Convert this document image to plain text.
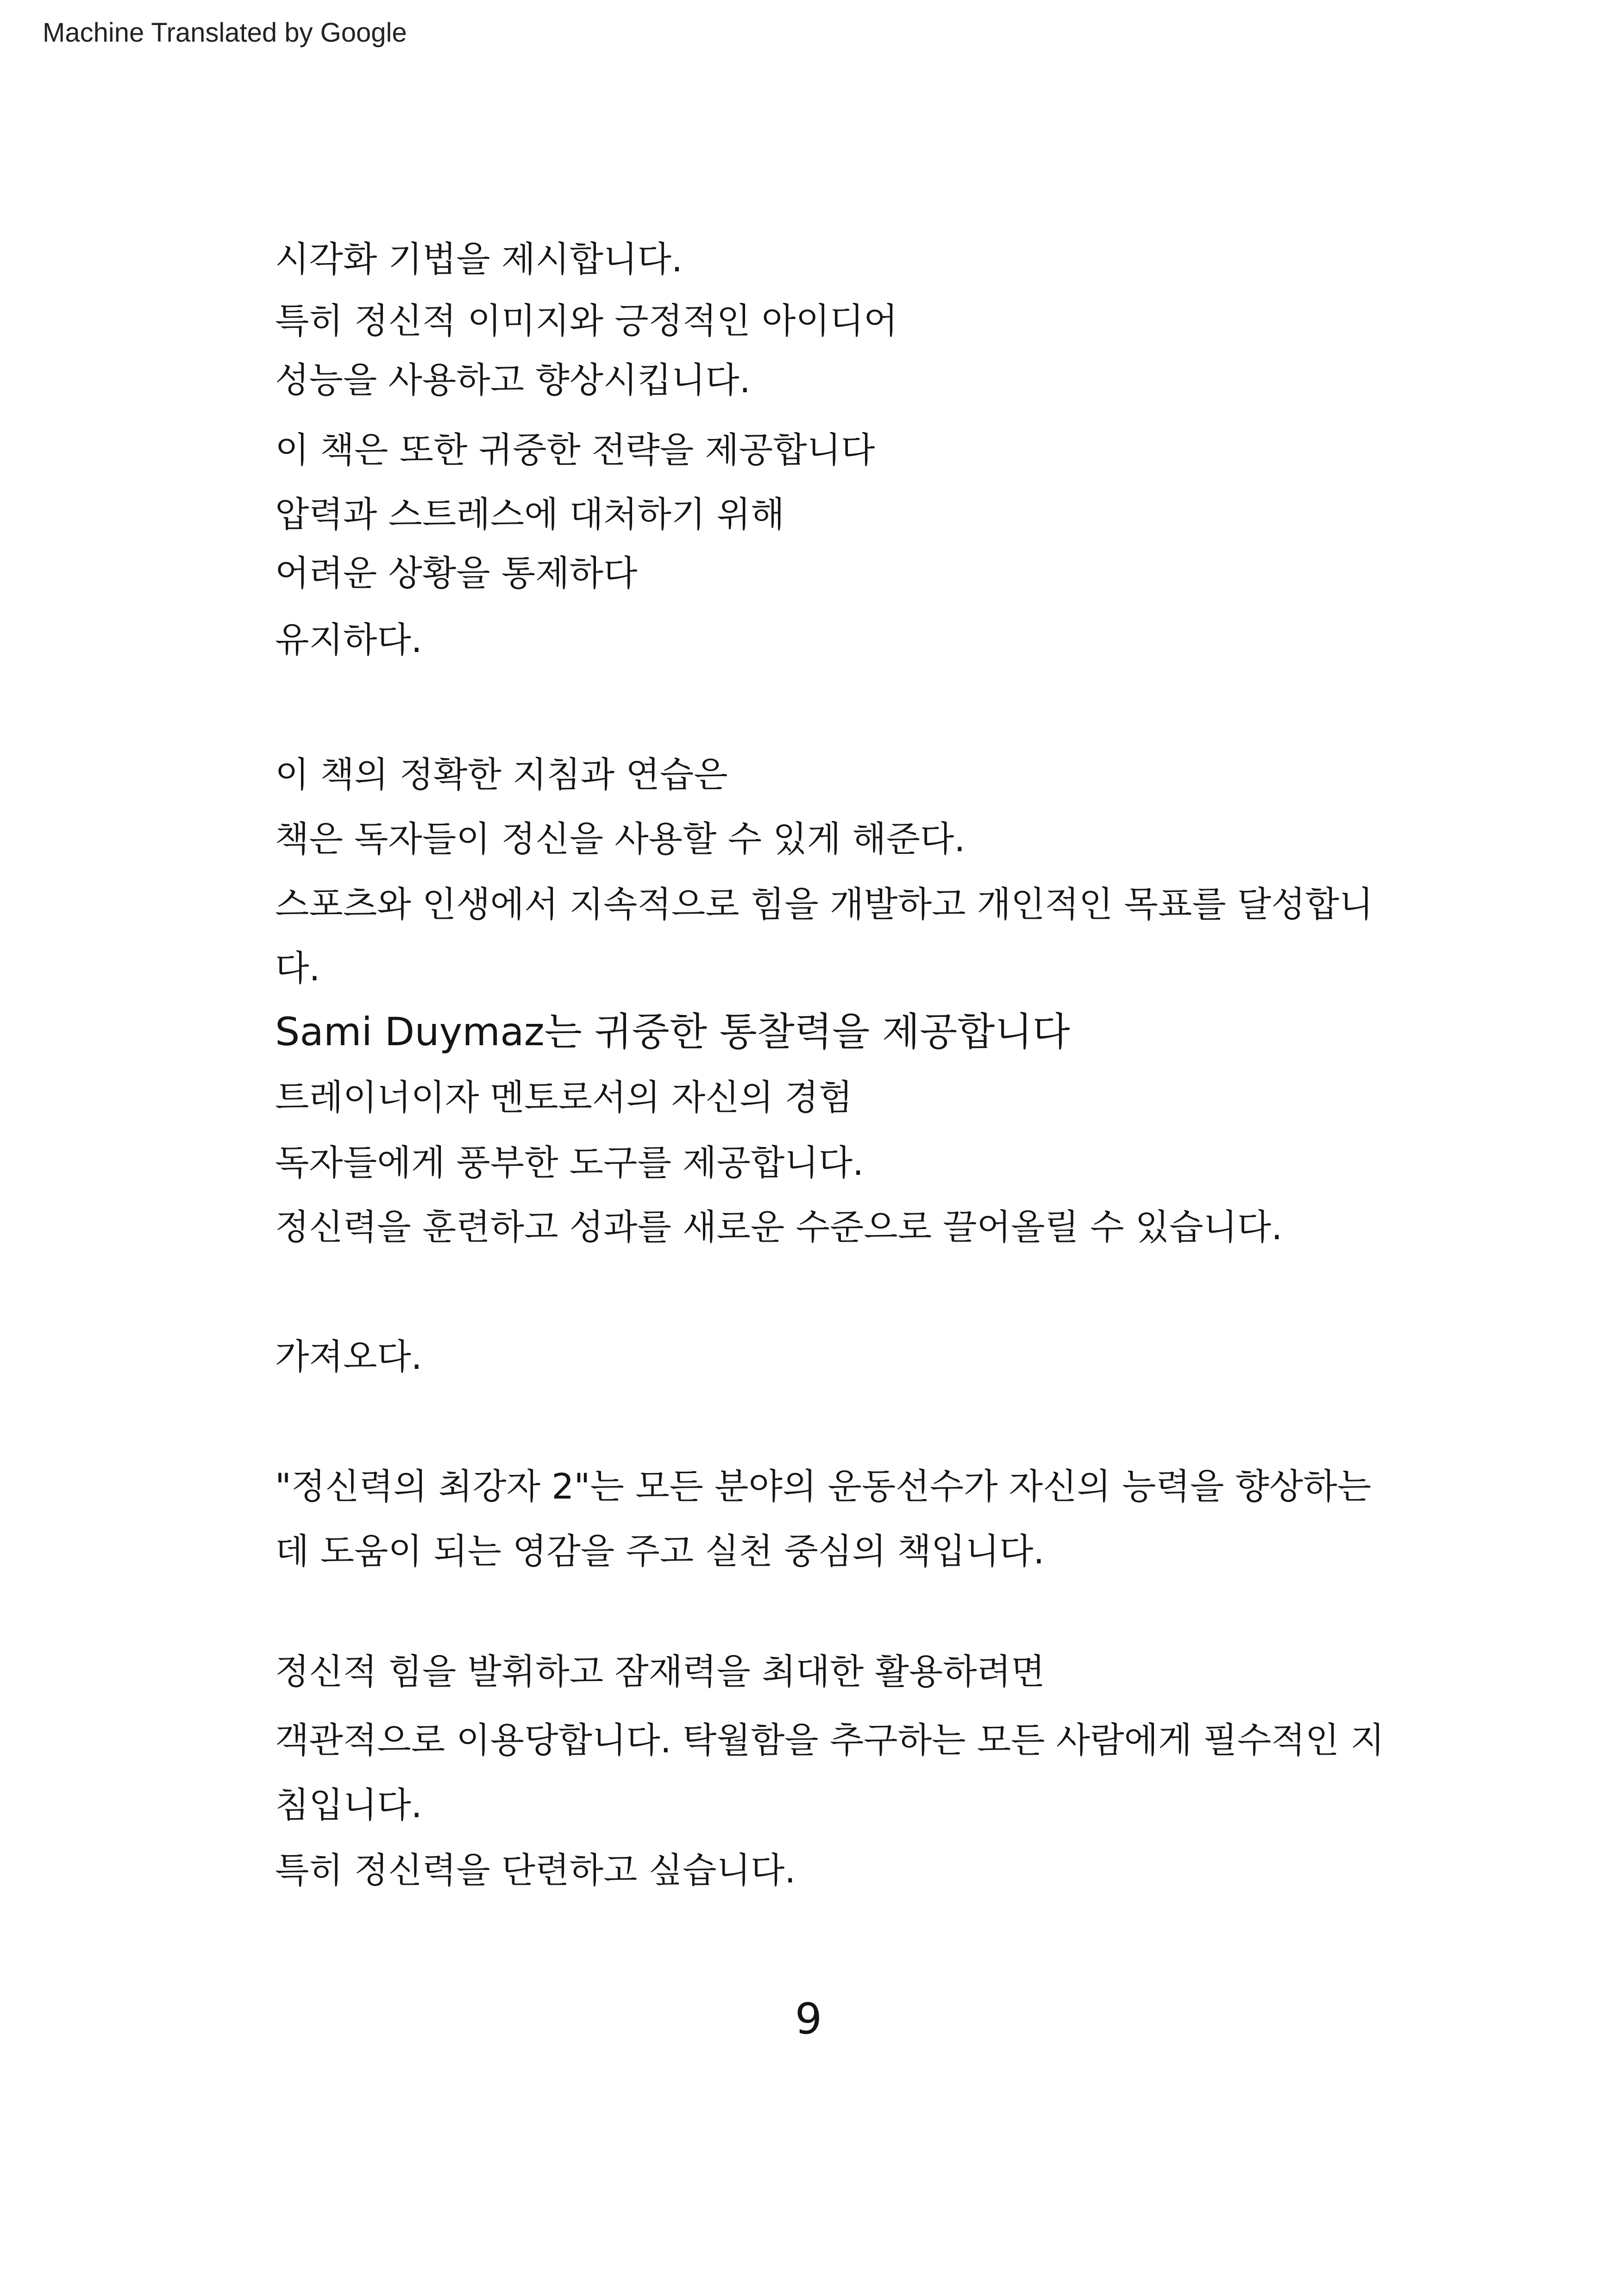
Machine Translated by Google
시각화 기법을 제시합니다.
특히 정신적 이미지와 긍정적인 아이디어
성능을 사용하고 향상시킵니다.
이 책은 또한 귀중한 전략을 제공합니다
압력과 스트레스에 대처하기 위해
어려운 상황을 통제하다
유지하다.
이 책의 정확한 지침과 연습은
책은 독자들이 정신을 사용할 수 있게 해준다.
스포츠와 인생에서 지속적으로 힘을 개발하고 개인적인 목표를 달성합니
다.
Sami Duymaz는 귀중한 통찰력을 제공합니다
트레이너이자 멘토로서의 자신의 경험
독자들에게 풍부한 도구를 제공합니다.
정신력을 훈련하고 성과를 새로운 수준으로 끌어올릴 수 있습니다.
가져오다.
"정신력의 최강자 2"는 모든 분야의 운동선수가 자신의 능력을 향상하는
데 도움이 되는 영감을 주고 실천 중심의 책입니다.
정신적 힘을 발휘하고 잠재력을 최대한 활용하려면
객관적으로 이용당합니다. 탁월함을 추구하는 모든 사람에게 필수적인 지
침입니다.
특히 정신력을 단련하고 싶습니다.
9
